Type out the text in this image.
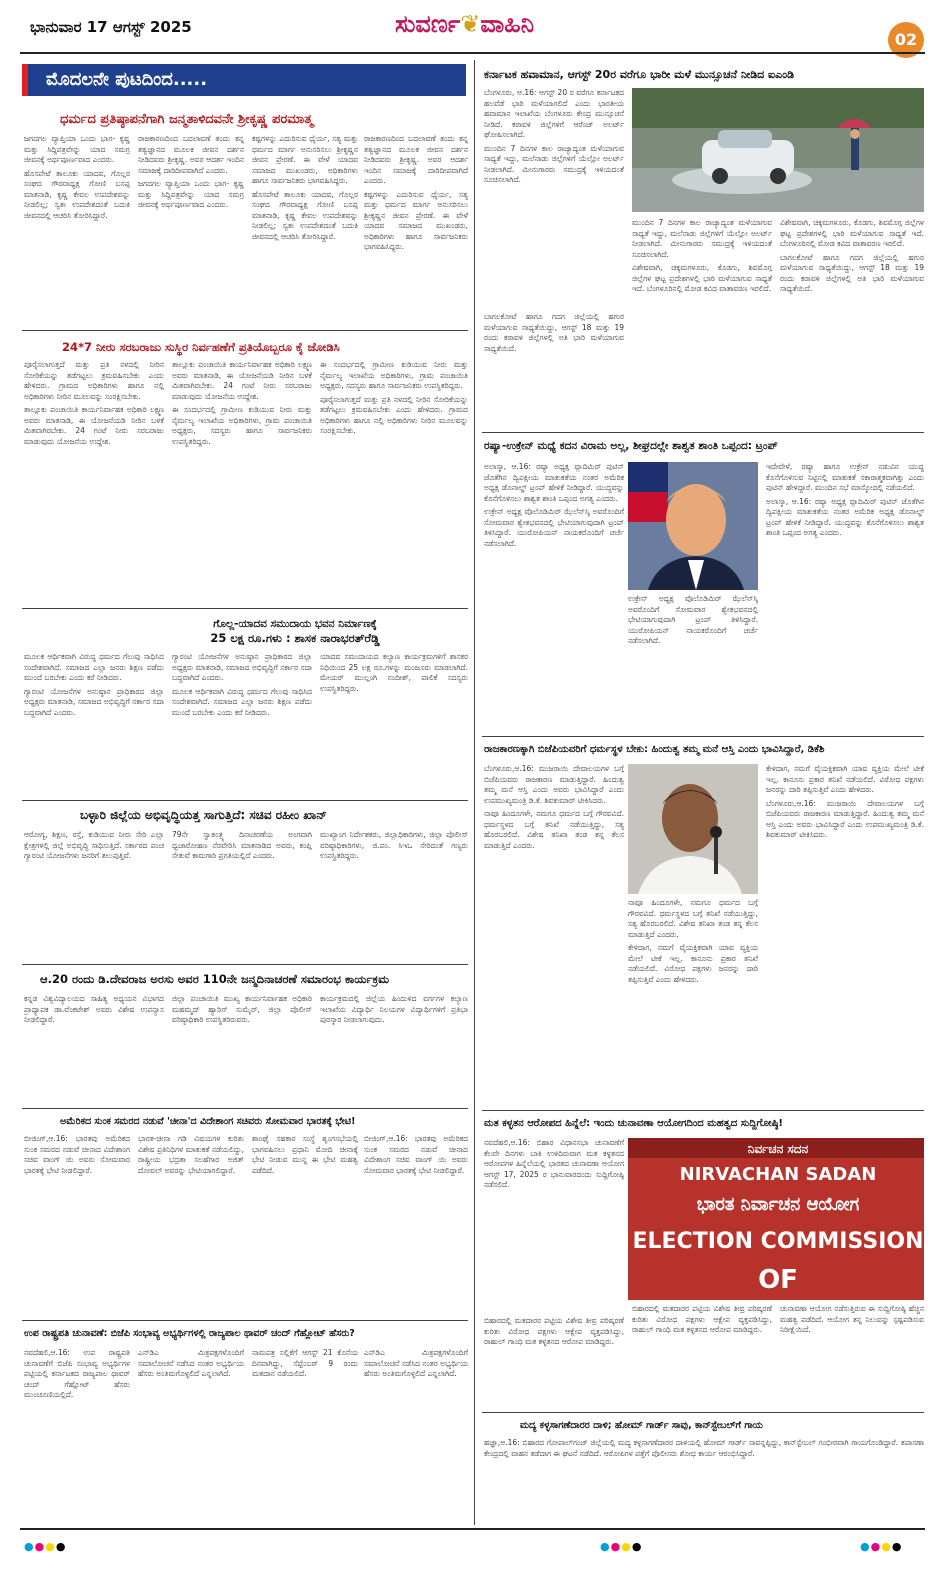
ಭಾನುವಾರ 17 ಆಗಸ್ಟ್ 2025	ಸುವರ್ಣ❦ವಾಹಿನಿ
02
ಮೊದಲನೇ ಪುಟದಿಂದ.....
ಧರ್ಮದ ಪ್ರತಿಷ್ಠಾಪನೆಗಾಗಿ ಜನ್ಮತಾಳಿದವನೇ ಶ್ರೀಕೃಷ್ಣ ಪರಮಾತ್ಮ

ಜಗದಗಲ ವ್ಯಾಪ್ತಿಯಾ ಒಂದು ಭಾಗ- ಕೃಷ್ಣ ಮತ್ತು ಸಿದ್ದಿಪತ್ರವೇನ್ನು ಯಾದ ಸಮಗ್ರ ಜೀವನಕ್ಕೆ ಅರ್ಥಪೂರ್ಣವಾದ ಎಂದರು.

ಹೊಸಪೇಟೆ ತಾಲೂಕು ಯಾದವ, ಗೊಲ್ಲರ ಸಂಘದ ಗೌರವಾಧ್ಯಕ್ಷ ಗೋಣಿ ಬಸಪ್ಪ ಮಾತನಾಡಿ, ಕೃಷ್ಣ ಕೇವಲ ಉಪದೇಶವನ್ನು ನೀಡಲಿಲ್ಲ; ಸ್ವತಃ ಉಪದೇಶದಂತೆ ಬದುಕಿ ಜೀವನದಲ್ಲಿ ಆಚರಿಸಿ ತೋರಿಸಿದ್ದಾರೆ.

ರಾಜಕಾರಣದಿಂದ ಬದಲಾವಣೆ ತಂದು ತನ್ನ ತತ್ವಜ್ಞಾನದ ಮೂಲಕ ಜೀವನ ದರ್ಶನ ನೀಡಿದವರು ಶ್ರೀಕೃಷ್ಣ. ಅವರ ಆದರ್ಶ ಇಂದಿನ ಸಮಾಜಕ್ಕೆ ದಾರಿದೀಪವಾಗಿದೆ ಎಂದರು.

ಜಗದಗಲ ವ್ಯಾಪ್ತಿಯಾ ಒಂದು ಭಾಗ- ಕೃಷ್ಣ ಮತ್ತು ಸಿದ್ದಿಪತ್ರವೇನ್ನು ಯಾದ ಸಮಗ್ರ ಜೀವನಕ್ಕೆ ಅರ್ಥಪೂರ್ಣವಾದ ಎಂದರು.

ಕಷ್ಟಗಳನ್ನು ಎದುರಿಸುವ ಧೈರ್ಯ, ಸತ್ಯ ಮತ್ತು ಧರ್ಮದ ಮಾರ್ಗ ಅನುಸರಿಸಲು ಶ್ರೀಕೃಷ್ಣನ ಜೀವನ ಪ್ರೇರಣೆ. ಈ ವೇಳೆ ಯಾದವ ಸಮಾಜದ ಮುಖಂಡರು, ಅಧಿಕಾರಿಗಳು ಹಾಗೂ ಸಾರ್ವಜನಿಕರು ಭಾಗವಹಿಸಿದ್ದರು.

ಹೊಸಪೇಟೆ ತಾಲೂಕು ಯಾದವ, ಗೊಲ್ಲರ ಸಂಘದ ಗೌರವಾಧ್ಯಕ್ಷ ಗೋಣಿ ಬಸಪ್ಪ ಮಾತನಾಡಿ, ಕೃಷ್ಣ ಕೇವಲ ಉಪದೇಶವನ್ನು ನೀಡಲಿಲ್ಲ; ಸ್ವತಃ ಉಪದೇಶದಂತೆ ಬದುಕಿ ಜೀವನದಲ್ಲಿ ಆಚರಿಸಿ ತೋರಿಸಿದ್ದಾರೆ.

ರಾಜಕಾರಣದಿಂದ ಬದಲಾವಣೆ ತಂದು ತನ್ನ ತತ್ವಜ್ಞಾನದ ಮೂಲಕ ಜೀವನ ದರ್ಶನ ನೀಡಿದವರು ಶ್ರೀಕೃಷ್ಣ. ಅವರ ಆದರ್ಶ ಇಂದಿನ ಸಮಾಜಕ್ಕೆ ದಾರಿದೀಪವಾಗಿದೆ ಎಂದರು.

ಕಷ್ಟಗಳನ್ನು ಎದುರಿಸುವ ಧೈರ್ಯ, ಸತ್ಯ ಮತ್ತು ಧರ್ಮದ ಮಾರ್ಗ ಅನುಸರಿಸಲು ಶ್ರೀಕೃಷ್ಣನ ಜೀವನ ಪ್ರೇರಣೆ. ಈ ವೇಳೆ ಯಾದವ ಸಮಾಜದ ಮುಖಂಡರು, ಅಧಿಕಾರಿಗಳು ಹಾಗೂ ಸಾರ್ವಜನಿಕರು ಭಾಗವಹಿಸಿದ್ದರು.

24*7 ನೀರು ಸರಬರಾಜು ಸುಸ್ಥಿರ ನಿರ್ವಹಣೆಗೆ ಪ್ರತಿಯೊಬ್ಬರೂ ಕೈ ಜೋಡಿಸಿ

ಪೂರೈಸಲಾಗುತ್ತದೆ ಮತ್ತು ಪ್ರತಿ ನಳದಲ್ಲಿ ನೀರಿನ ಸೋರಿಕೆಯನ್ನು ತಡೆಗಟ್ಟಲು ಕ್ರಮವಹಿಸಬೇಕು ಎಂದು ಹೇಳಿದರು. ಗ್ರಾಮದ ಅಧಿಕಾರಿಗಳು ಹಾಗೂ ನಲ್ಲಿ ಅಧಿಕಾರಿಗಳು ನೀರಿನ ಮೂಲವನ್ನು ಸಂರಕ್ಷಿಸಬೇಕು.

ತಾಲ್ಲೂಕು ಪಂಚಾಯಿತಿ ಕಾರ್ಯನಿರ್ವಾಹಕ ಅಧಿಕಾರಿ ಲಕ್ಷ್ಮಣ ಅವರು ಮಾತನಾಡಿ, ಈ ಯೋಜನೆಯಡಿ ನೀರಿನ ಬಳಕೆ ಮಿತವಾಗಿರಬೇಕು. 24 ಗಂಟೆ ನೀರು ಸರಬರಾಜು ಮಾಡುವುದು ಯೋಜನೆಯ ಉದ್ದೇಶ.

ತಾಲ್ಲೂಕು ಪಂಚಾಯಿತಿ ಕಾರ್ಯನಿರ್ವಾಹಕ ಅಧಿಕಾರಿ ಲಕ್ಷ್ಮಣ ಅವರು ಮಾತನಾಡಿ, ಈ ಯೋಜನೆಯಡಿ ನೀರಿನ ಬಳಕೆ ಮಿತವಾಗಿರಬೇಕು. 24 ಗಂಟೆ ನೀರು ಸರಬರಾಜು ಮಾಡುವುದು ಯೋಜನೆಯ ಉದ್ದೇಶ.

ಈ ಸಂದರ್ಭದಲ್ಲಿ ಗ್ರಾಮೀಣ ಕುಡಿಯುವ ನೀರು ಮತ್ತು ನೈರ್ಮಲ್ಯ ಇಲಾಖೆಯ ಅಧಿಕಾರಿಗಳು, ಗ್ರಾಮ ಪಂಚಾಯಿತಿ ಅಧ್ಯಕ್ಷರು, ಸದಸ್ಯರು ಹಾಗೂ ಸಾರ್ವಜನಿಕರು ಉಪಸ್ಥಿತರಿದ್ದರು.

ಈ ಸಂದರ್ಭದಲ್ಲಿ ಗ್ರಾಮೀಣ ಕುಡಿಯುವ ನೀರು ಮತ್ತು ನೈರ್ಮಲ್ಯ ಇಲಾಖೆಯ ಅಧಿಕಾರಿಗಳು, ಗ್ರಾಮ ಪಂಚಾಯಿತಿ ಅಧ್ಯಕ್ಷರು, ಸದಸ್ಯರು ಹಾಗೂ ಸಾರ್ವಜನಿಕರು ಉಪಸ್ಥಿತರಿದ್ದರು.

ಪೂರೈಸಲಾಗುತ್ತದೆ ಮತ್ತು ಪ್ರತಿ ನಳದಲ್ಲಿ ನೀರಿನ ಸೋರಿಕೆಯನ್ನು ತಡೆಗಟ್ಟಲು ಕ್ರಮವಹಿಸಬೇಕು ಎಂದು ಹೇಳಿದರು. ಗ್ರಾಮದ ಅಧಿಕಾರಿಗಳು ಹಾಗೂ ನಲ್ಲಿ ಅಧಿಕಾರಿಗಳು ನೀರಿನ ಮೂಲವನ್ನು ಸಂರಕ್ಷಿಸಬೇಕು.

ಗೊಲ್ಲ-ಯಾದವ ಸಮುದಾಯ ಭವನ ನಿರ್ಮಾಣಕ್ಕೆ
25 ಲಕ್ಷ ರೂ.ಗಳು : ಶಾಸಕ ನಾರಾಭರತ್‌ರೆಡ್ಡಿ

ಮೂಲಕ ಆರ್ಥಿಕವಾಗಿ ವಿರುದ್ಧ ಧರ್ಮದ ಗೆಲುವು ಸಾಧಿಸಿದ ಸಂದೇಶವಾಗಿದೆ. ಸಮಾಜದ ಎಲ್ಲಾ ಜನರು ಶಿಕ್ಷಣ ಪಡೆದು ಮುಂದೆ ಬರಬೇಕು ಎಂದು ಕರೆ ನೀಡಿದರು.

ಗ್ಯಾರಂಟಿ ಯೋಜನೆಗಳ ಅನುಷ್ಠಾನ ಪ್ರಾಧಿಕಾರದ ಜಿಲ್ಲಾ ಅಧ್ಯಕ್ಷರು ಮಾತನಾಡಿ, ಸಮಾಜದ ಅಭಿವೃದ್ಧಿಗೆ ಸರ್ಕಾರ ಸದಾ ಬದ್ಧವಾಗಿದೆ ಎಂದರು.

ಗ್ಯಾರಂಟಿ ಯೋಜನೆಗಳ ಅನುಷ್ಠಾನ ಪ್ರಾಧಿಕಾರದ ಜಿಲ್ಲಾ ಅಧ್ಯಕ್ಷರು ಮಾತನಾಡಿ, ಸಮಾಜದ ಅಭಿವೃದ್ಧಿಗೆ ಸರ್ಕಾರ ಸದಾ ಬದ್ಧವಾಗಿದೆ ಎಂದರು.

ಮೂಲಕ ಆರ್ಥಿಕವಾಗಿ ವಿರುದ್ಧ ಧರ್ಮದ ಗೆಲುವು ಸಾಧಿಸಿದ ಸಂದೇಶವಾಗಿದೆ. ಸಮಾಜದ ಎಲ್ಲಾ ಜನರು ಶಿಕ್ಷಣ ಪಡೆದು ಮುಂದೆ ಬರಬೇಕು ಎಂದು ಕರೆ ನೀಡಿದರು.

ಯಾದವ ಸಮುದಾಯದ ಕಲ್ಯಾಣ ಕಾರ್ಯಕ್ರಮಗಳಿಗೆ ಶಾಸಕರ ನಿಧಿಯಿಂದ 25 ಲಕ್ಷ ರೂ.ಗಳನ್ನು ಮಂಜೂರು ಮಾಡಲಾಗಿದೆ. ಮೇಯರ್ ಮುಲ್ಲಂಗಿ ನಂದೀಶ್, ಪಾಲಿಕೆ ಸದಸ್ಯರು ಉಪಸ್ಥಿತರಿದ್ದರು.

ಬಳ್ಳಾರಿ ಜಿಲ್ಲೆಯ ಅಭಿವೃದ್ಧಿಯತ್ತ ಸಾಗುತ್ತಿದೆ: ಸಚಿವ ರಹೀಂ ಖಾನ್

ಆರೋಗ್ಯ, ಶಿಕ್ಷಣ, ರಸ್ತೆ, ಕುಡಿಯುವ ನೀರು ಸೇರಿ ಎಲ್ಲಾ ಕ್ಷೇತ್ರಗಳಲ್ಲಿ ಜಿಲ್ಲೆ ಅಭಿವೃದ್ಧಿ ಸಾಧಿಸುತ್ತಿದೆ. ಸರ್ಕಾರದ ಪಂಚ ಗ್ಯಾರಂಟಿ ಯೋಜನೆಗಳು ಜನರಿಗೆ ತಲುಪುತ್ತಿವೆ.

79ನೇ ಸ್ವಾತಂತ್ರ್ಯ ದಿನಾಚರಣೆಯ ಅಂಗವಾಗಿ ಧ್ವಜಾರೋಹಣ ನೆರವೇರಿಸಿ ಮಾತನಾಡಿದ ಅವರು, ಕಂಪ್ಲಿ ಸೇತುವೆ ಕಾಮಗಾರಿ ಪ್ರಗತಿಯಲ್ಲಿದೆ ಎಂದರು.

ಮುಖ್ಯಾಂಗ ನಿರ್ದೇಶಕರು, ಜಿಲ್ಲಾಧಿಕಾರಿಗಳು, ಜಿಲ್ಲಾ ಪೊಲೀಸ್ ವರಿಷ್ಠಾಧಿಕಾರಿಗಳು, ಜಿ.ಪಂ. ಸಿಇಒ ಸೇರಿದಂತೆ ಗಣ್ಯರು ಉಪಸ್ಥಿತರಿದ್ದರು.

ಆ.20 ರಂದು ಡಿ.ದೇವರಾಜ ಅರಸು ಅವರ 110ನೇ ಜನ್ಮದಿನಾಚರಣೆ ಸಮಾರಂಭ ಕಾರ್ಯಕ್ರಮ

ಕನ್ನಡ ವಿಶ್ವವಿದ್ಯಾಲಯದ ಸಾಹಿತ್ಯ ಅಧ್ಯಯನ ವಿಭಾಗದ ಪ್ರಾಧ್ಯಾಪಕ ಡಾ.ವೆಂಕಟೇಶ್ ಅವರು ವಿಶೇಷ ಉಪನ್ಯಾಸ ನೀಡಲಿದ್ದಾರೆ.

ಜಿಲ್ಲಾ ಪಂಚಾಯಿತಿ ಮುಖ್ಯ ಕಾರ್ಯನಿರ್ವಾಹಕ ಅಧಿಕಾರಿ ಮಹಮ್ಮದ್ ಹ್ಯಾರಿಸ್ ಸುಮೈರ್, ಜಿಲ್ಲಾ ಪೊಲೀಸ್ ವರಿಷ್ಠಾಧಿಕಾರಿ ಉಪಸ್ಥಿತರಿರುವರು.

ಕಾರ್ಯಕ್ರಮದಲ್ಲಿ ಜಿಲ್ಲೆಯ ಹಿಂದುಳಿದ ವರ್ಗಗಳ ಕಲ್ಯಾಣ ಇಲಾಖೆಯ ವಿದ್ಯಾರ್ಥಿ ನಿಲಯಗಳ ವಿದ್ಯಾರ್ಥಿಗಳಿಗೆ ಪ್ರತಿಭಾ ಪುರಸ್ಕಾರ ನೀಡಲಾಗುವುದು.

ಅಮೆರಿಕದ ಸುಂಕ ಸಮರದ ನಡುವೆ 'ಚೀನಾ'ದ ವಿದೇಶಾಂಗ ಸಚಿವರು ಸೋಮವಾರ ಭಾರತಕ್ಕೆ ಭೇಟಿ!

ಬೀಜಿಂಗ್,ಆ.16: ಭಾರತವು ಅಮೆರಿಕದ ಸುಂಕ ಸಮರದ ನಡುವೆ ಚೀನಾದ ವಿದೇಶಾಂಗ ಸಚಿವ ವಾಂಗ್ ಯಿ ಅವರು ಸೋಮವಾರ ಭಾರತಕ್ಕೆ ಭೇಟಿ ನೀಡಲಿದ್ದಾರೆ.

ಭಾರತ-ಚೀನಾ ಗಡಿ ವಿಷಯಗಳ ಕುರಿತು ವಿಶೇಷ ಪ್ರತಿನಿಧಿಗಳ ಮಾತುಕತೆ ನಡೆಯಲಿದ್ದು, ರಾಷ್ಟ್ರೀಯ ಭದ್ರತಾ ಸಲಹೆಗಾರ ಅಜಿತ್ ದೋವಲ್ ಅವರನ್ನು ಭೇಟಿಯಾಗಲಿದ್ದಾರೆ.

ಶಾಂಘೈ ಸಹಕಾರ ಸಂಸ್ಥೆ ಶೃಂಗಸಭೆಯಲ್ಲಿ ಭಾಗವಹಿಸಲು ಪ್ರಧಾನಿ ಮೋದಿ ಚೀನಾಕ್ಕೆ ಭೇಟಿ ನೀಡುವ ಮುನ್ನ ಈ ಭೇಟಿ ಮಹತ್ವ ಪಡೆದಿದೆ.

ಬೀಜಿಂಗ್,ಆ.16: ಭಾರತವು ಅಮೆರಿಕದ ಸುಂಕ ಸಮರದ ನಡುವೆ ಚೀನಾದ ವಿದೇಶಾಂಗ ಸಚಿವ ವಾಂಗ್ ಯಿ ಅವರು ಸೋಮವಾರ ಭಾರತಕ್ಕೆ ಭೇಟಿ ನೀಡಲಿದ್ದಾರೆ.

ಉಪ ರಾಷ್ಟ್ರಪತಿ ಚುನಾವಣೆ: ಬಿಜೆಪಿ ಸಂಭಾವ್ಯ ಅಭ್ಯರ್ಥಿಗಳಲ್ಲಿ ರಾಜ್ಯಪಾಲ ಥಾವರ್ ಚಂದ್ ಗೆಹ್ಲೋಟ್ ಹೆಸರು?

ನವದೆಹಲಿ,ಆ.16: ಉಪ ರಾಷ್ಟ್ರಪತಿ ಚುನಾವಣೆಗೆ ಬಿಜೆಪಿ ಸಂಭಾವ್ಯ ಅಭ್ಯರ್ಥಿಗಳ ಪಟ್ಟಿಯಲ್ಲಿ ಕರ್ನಾಟಕದ ರಾಜ್ಯಪಾಲ ಥಾವರ್ ಚಂದ್ ಗೆಹ್ಲೋಟ್ ಹೆಸರು ಮುಂಚೂಣಿಯಲ್ಲಿದೆ.

ಎನ್‌ಡಿಎ ಮಿತ್ರಪಕ್ಷಗಳೊಂದಿಗೆ ಸಮಾಲೋಚನೆ ನಡೆಸಿದ ನಂತರ ಅಭ್ಯರ್ಥಿಯ ಹೆಸರು ಅಂತಿಮಗೊಳ್ಳಲಿದೆ ಎನ್ನಲಾಗಿದೆ.

ನಾಮಪತ್ರ ಸಲ್ಲಿಕೆಗೆ ಆಗಸ್ಟ್ 21 ಕೊನೆಯ ದಿನವಾಗಿದ್ದು, ಸೆಪ್ಟೆಂಬರ್ 9 ರಂದು ಮತದಾನ ನಡೆಯಲಿದೆ.

ಎನ್‌ಡಿಎ ಮಿತ್ರಪಕ್ಷಗಳೊಂದಿಗೆ ಸಮಾಲೋಚನೆ ನಡೆಸಿದ ನಂತರ ಅಭ್ಯರ್ಥಿಯ ಹೆಸರು ಅಂತಿಮಗೊಳ್ಳಲಿದೆ ಎನ್ನಲಾಗಿದೆ.

ಕರ್ನಾಟಕ ಹವಾಮಾನ, ಆಗಸ್ಟ್ 20ರ ವರೆಗೂ ಭಾರೀ ಮಳೆ ಮುನ್ಸೂಚನೆ ನೀಡಿದ ಐಎಂಡಿ

ಬೆಂಗಳೂರು, ಆ.16: ಆಗಸ್ಟ್ 20 ರ ವರೆಗೂ ಕರ್ನಾಟಕದ ಹಲವೆಡೆ ಭಾರಿ ಮಳೆಯಾಗಲಿದೆ ಎಂದು ಭಾರತೀಯ ಹವಾಮಾನ ಇಲಾಖೆಯ ಬೆಂಗಳೂರು ಕೇಂದ್ರ ಮುನ್ಸೂಚನೆ ನೀಡಿದೆ. ಕರಾವಳಿ ಜಿಲ್ಲೆಗಳಿಗೆ ಆರೆಂಜ್ ಅಲರ್ಟ್ ಘೋಷಿಸಲಾಗಿದೆ.

ಮುಂದಿನ 7 ದಿನಗಳ ಕಾಲ ರಾಜ್ಯಾದ್ಯಂತ ಮಳೆಯಾಗುವ ಸಾಧ್ಯತೆ ಇದ್ದು, ಮಲೆನಾಡು ಜಿಲ್ಲೆಗಳಿಗೆ ಯೆಲ್ಲೋ ಅಲರ್ಟ್ ನೀಡಲಾಗಿದೆ. ಮೀನುಗಾರರು ಸಮುದ್ರಕ್ಕೆ ಇಳಿಯದಂತೆ ಸೂಚಿಸಲಾಗಿದೆ.

ಮುಂದಿನ 7 ದಿನಗಳ ಕಾಲ ರಾಜ್ಯಾದ್ಯಂತ ಮಳೆಯಾಗುವ ಸಾಧ್ಯತೆ ಇದ್ದು, ಮಲೆನಾಡು ಜಿಲ್ಲೆಗಳಿಗೆ ಯೆಲ್ಲೋ ಅಲರ್ಟ್ ನೀಡಲಾಗಿದೆ. ಮೀನುಗಾರರು ಸಮುದ್ರಕ್ಕೆ ಇಳಿಯದಂತೆ ಸೂಚಿಸಲಾಗಿದೆ.

ವಿಶೇಷವಾಗಿ, ಚಿಕ್ಕಮಗಳೂರು, ಕೊಡಗು, ಶಿವಮೊಗ್ಗ ಜಿಲ್ಲೆಗಳ ಘಟ್ಟ ಪ್ರದೇಶಗಳಲ್ಲಿ ಭಾರಿ ಮಳೆಯಾಗುವ ಸಾಧ್ಯತೆ ಇದೆ. ಬೆಂಗಳೂರಿನಲ್ಲಿ ಮೋಡ ಕವಿದ ವಾತಾವರಣ ಇರಲಿದೆ.

ವಿಶೇಷವಾಗಿ, ಚಿಕ್ಕಮಗಳೂರು, ಕೊಡಗು, ಶಿವಮೊಗ್ಗ ಜಿಲ್ಲೆಗಳ ಘಟ್ಟ ಪ್ರದೇಶಗಳಲ್ಲಿ ಭಾರಿ ಮಳೆಯಾಗುವ ಸಾಧ್ಯತೆ ಇದೆ. ಬೆಂಗಳೂರಿನಲ್ಲಿ ಮೋಡ ಕವಿದ ವಾತಾವರಣ ಇರಲಿದೆ.

ಬಾಗಲಕೋಟೆ ಹಾಗೂ ಗದಗ ಜಿಲ್ಲೆಯಲ್ಲಿ ಹಗುರ ಮಳೆಯಾಗುವ ಸಾಧ್ಯತೆಯಿದ್ದು, ಆಗಸ್ಟ್ 18 ಮತ್ತು 19 ರಂದು ಕರಾವಳಿ ಜಿಲ್ಲೆಗಳಲ್ಲಿ ಅತಿ ಭಾರಿ ಮಳೆಯಾಗುವ ಸಾಧ್ಯತೆಯಿದೆ.

ಬಾಗಲಕೋಟೆ ಹಾಗೂ ಗದಗ ಜಿಲ್ಲೆಯಲ್ಲಿ ಹಗುರ ಮಳೆಯಾಗುವ ಸಾಧ್ಯತೆಯಿದ್ದು, ಆಗಸ್ಟ್ 18 ಮತ್ತು 19 ರಂದು ಕರಾವಳಿ ಜಿಲ್ಲೆಗಳಲ್ಲಿ ಅತಿ ಭಾರಿ ಮಳೆಯಾಗುವ ಸಾಧ್ಯತೆಯಿದೆ.

ರಷ್ಯಾ-ಉಕ್ರೇನ್ ಮಧ್ಯೆ ಕದನ ವಿರಾಮ ಅಲ್ಲ, ಶೀಘ್ರದಲ್ಲೇ ಶಾಶ್ವತ ಶಾಂತಿ ಒಪ್ಪಂದ: ಟ್ರಂಪ್

ಅಲಾಸ್ಕಾ, ಆ.16: ರಷ್ಯಾ ಅಧ್ಯಕ್ಷ ವ್ಲಾದಿಮಿರ್ ಪುಟಿನ್ ಜೊತೆಗಿನ ದ್ವಿಪಕ್ಷೀಯ ಮಾತುಕತೆಯ ನಂತರ ಅಮೆರಿಕ ಅಧ್ಯಕ್ಷ ಡೊನಾಲ್ಡ್ ಟ್ರಂಪ್ ಹೇಳಿಕೆ ನೀಡಿದ್ದಾರೆ. ಯುದ್ಧವನ್ನು ಕೊನೆಗೊಳಿಸಲು ಶಾಶ್ವತ ಶಾಂತಿ ಒಪ್ಪಂದ ಅಗತ್ಯ ಎಂದರು.

ಉಕ್ರೇನ್ ಅಧ್ಯಕ್ಷ ವೊಲೊಡಿಮಿರ್ ಝೆಲೆನ್‌ಸ್ಕಿ ಅವರೊಂದಿಗೆ ಸೋಮವಾರ ಶ್ವೇತಭವನದಲ್ಲಿ ಭೇಟಿಯಾಗುವುದಾಗಿ ಟ್ರಂಪ್ ತಿಳಿಸಿದ್ದಾರೆ. ಯುರೋಪಿಯನ್ ನಾಯಕರೊಂದಿಗೆ ಚರ್ಚೆ ನಡೆಸಲಾಗಿದೆ.

ಉಕ್ರೇನ್ ಅಧ್ಯಕ್ಷ ವೊಲೊಡಿಮಿರ್ ಝೆಲೆನ್‌ಸ್ಕಿ ಅವರೊಂದಿಗೆ ಸೋಮವಾರ ಶ್ವೇತಭವನದಲ್ಲಿ ಭೇಟಿಯಾಗುವುದಾಗಿ ಟ್ರಂಪ್ ತಿಳಿಸಿದ್ದಾರೆ. ಯುರೋಪಿಯನ್ ನಾಯಕರೊಂದಿಗೆ ಚರ್ಚೆ ನಡೆಸಲಾಗಿದೆ.

ಇದೇವೇಳೆ, ರಷ್ಯಾ ಹಾಗೂ ಉಕ್ರೇನ್ ನಡುವಿನ ಯುದ್ಧ ಕೊನೆಗೊಳಿಸುವ ನಿಟ್ಟಿನಲ್ಲಿ ಮಾತುಕತೆ ಸಕಾರಾತ್ಮಕವಾಗಿತ್ತು ಎಂದು ಪುಟಿನ್ ಹೇಳಿದ್ದಾರೆ. ಮುಂದಿನ ಸಭೆ ಮಾಸ್ಕೋದಲ್ಲಿ ನಡೆಯಲಿದೆ.

ಅಲಾಸ್ಕಾ, ಆ.16: ರಷ್ಯಾ ಅಧ್ಯಕ್ಷ ವ್ಲಾದಿಮಿರ್ ಪುಟಿನ್ ಜೊತೆಗಿನ ದ್ವಿಪಕ್ಷೀಯ ಮಾತುಕತೆಯ ನಂತರ ಅಮೆರಿಕ ಅಧ್ಯಕ್ಷ ಡೊನಾಲ್ಡ್ ಟ್ರಂಪ್ ಹೇಳಿಕೆ ನೀಡಿದ್ದಾರೆ. ಯುದ್ಧವನ್ನು ಕೊನೆಗೊಳಿಸಲು ಶಾಶ್ವತ ಶಾಂತಿ ಒಪ್ಪಂದ ಅಗತ್ಯ ಎಂದರು.

ರಾಜಕಾರಣಕ್ಕಾಗಿ ಬಿಜೆಪಿಯವರಿಗೆ ಧರ್ಮಸ್ಥಳ ಬೇಕು: ಹಿಂದುತ್ವ ತಮ್ಮ ಮನೆ ಆಸ್ತಿ ಎಂದು ಭಾವಿಸಿದ್ದಾರೆ, ಡಿಕೆಶಿ

ಬೆಂಗಳೂರು,ಆ.16: ಮುಜರಾಯಿ ದೇವಾಲಯಗಳ ಬಗ್ಗೆ ಬಿಜೆಪಿಯವರು ರಾಜಕಾರಣ ಮಾಡುತ್ತಿದ್ದಾರೆ. ಹಿಂದುತ್ವ ತಮ್ಮ ಮನೆ ಆಸ್ತಿ ಎಂದು ಅವರು ಭಾವಿಸಿದ್ದಾರೆ ಎಂದು ಉಪಮುಖ್ಯಮಂತ್ರಿ ಡಿ.ಕೆ. ಶಿವಕುಮಾರ್ ಟೀಕಿಸಿದರು.

ನಾವೂ ಹಿಂದೂಗಳೇ, ನಮಗೂ ಧರ್ಮದ ಬಗ್ಗೆ ಗೌರವವಿದೆ. ಧರ್ಮಸ್ಥಳದ ಬಗ್ಗೆ ತನಿಖೆ ನಡೆಯುತ್ತಿದ್ದು, ಸತ್ಯ ಹೊರಬರಲಿದೆ. ವಿಶೇಷ ತನಿಖಾ ತಂಡ ತನ್ನ ಕೆಲಸ ಮಾಡುತ್ತಿದೆ ಎಂದರು.

ನಾವೂ ಹಿಂದೂಗಳೇ, ನಮಗೂ ಧರ್ಮದ ಬಗ್ಗೆ ಗೌರವವಿದೆ. ಧರ್ಮಸ್ಥಳದ ಬಗ್ಗೆ ತನಿಖೆ ನಡೆಯುತ್ತಿದ್ದು, ಸತ್ಯ ಹೊರಬರಲಿದೆ. ವಿಶೇಷ ತನಿಖಾ ತಂಡ ತನ್ನ ಕೆಲಸ ಮಾಡುತ್ತಿದೆ ಎಂದರು.

ಕೇಳಿದಾಗ, ನಮಗೆ ವೈಯಕ್ತಿಕವಾಗಿ ಯಾವ ವ್ಯಕ್ತಿಯ ಮೇಲೆ ಟೀಕೆ ಇಲ್ಲ. ಕಾನೂನು ಪ್ರಕಾರ ತನಿಖೆ ನಡೆಯಲಿದೆ. ವಿರೋಧ ಪಕ್ಷಗಳು ಜನರನ್ನು ದಾರಿ ತಪ್ಪಿಸುತ್ತಿವೆ ಎಂದು ಹೇಳಿದರು.

ಕೇಳಿದಾಗ, ನಮಗೆ ವೈಯಕ್ತಿಕವಾಗಿ ಯಾವ ವ್ಯಕ್ತಿಯ ಮೇಲೆ ಟೀಕೆ ಇಲ್ಲ. ಕಾನೂನು ಪ್ರಕಾರ ತನಿಖೆ ನಡೆಯಲಿದೆ. ವಿರೋಧ ಪಕ್ಷಗಳು ಜನರನ್ನು ದಾರಿ ತಪ್ಪಿಸುತ್ತಿವೆ ಎಂದು ಹೇಳಿದರು.

ಬೆಂಗಳೂರು,ಆ.16: ಮುಜರಾಯಿ ದೇವಾಲಯಗಳ ಬಗ್ಗೆ ಬಿಜೆಪಿಯವರು ರಾಜಕಾರಣ ಮಾಡುತ್ತಿದ್ದಾರೆ. ಹಿಂದುತ್ವ ತಮ್ಮ ಮನೆ ಆಸ್ತಿ ಎಂದು ಅವರು ಭಾವಿಸಿದ್ದಾರೆ ಎಂದು ಉಪಮುಖ್ಯಮಂತ್ರಿ ಡಿ.ಕೆ. ಶಿವಕುಮಾರ್ ಟೀಕಿಸಿದರು.

ಮತ ಕಳ್ಳತನ ಆರೋಪದ ಹಿನ್ನೆಲೆ: ಇಂದು ಚುನಾವಣಾ ಆಯೋಗದಿಂದ ಮಹತ್ವದ ಸುದ್ದಿಗೋಷ್ಠಿ!

ನವದೆಹಲಿ,ಆ.16: ಬಿಹಾರ ವಿಧಾನಸಭಾ ಚುನಾವಣೆಗೆ ಕೆಲವೇ ದಿನಗಳು ಬಾಕಿ ಉಳಿದಿರುವಾಗ ಮತ ಕಳ್ಳತನದ ಆರೋಪಗಳ ಹಿನ್ನೆಲೆಯಲ್ಲಿ ಭಾರತದ ಚುನಾವಣಾ ಆಯೋಗ ಆಗಸ್ಟ್ 17, 2025 ರ ಭಾನುವಾರದಂದು ಸುದ್ದಿಗೋಷ್ಠಿ ನಡೆಸಲಿದೆ.

ನಿರ್ವಚನ ಸದನ
NIRVACHAN SADAN
ಭಾರತ ನಿರ್ವಾಚನ ಆಯೋಗ
ELECTION COMMISSION
OF

ಬಿಹಾರದಲ್ಲಿ ಮತದಾರರ ಪಟ್ಟಿಯ ವಿಶೇಷ ತೀವ್ರ ಪರಿಷ್ಕರಣೆ ಕುರಿತು ವಿರೋಧ ಪಕ್ಷಗಳು ಆಕ್ಷೇಪ ವ್ಯಕ್ತಪಡಿಸಿದ್ದು, ರಾಹುಲ್ ಗಾಂಧಿ ಮತ ಕಳ್ಳತನದ ಆರೋಪ ಮಾಡಿದ್ದರು.

ಬಿಹಾರದಲ್ಲಿ ಮತದಾರರ ಪಟ್ಟಿಯ ವಿಶೇಷ ತೀವ್ರ ಪರಿಷ್ಕರಣೆ ಕುರಿತು ವಿರೋಧ ಪಕ್ಷಗಳು ಆಕ್ಷೇಪ ವ್ಯಕ್ತಪಡಿಸಿದ್ದು, ರಾಹುಲ್ ಗಾಂಧಿ ಮತ ಕಳ್ಳತನದ ಆರೋಪ ಮಾಡಿದ್ದರು.

ಚುನಾವಣಾ ಆಯೋಗ ನಡೆಸುತ್ತಿರುವ ಈ ಸುದ್ದಿಗೋಷ್ಠಿ ಹೆಚ್ಚಿನ ಮಹತ್ವ ಪಡೆದಿದೆ. ಆಯೋಗ ತನ್ನ ನಿಲುವನ್ನು ಸ್ಪಷ್ಟಪಡಿಸುವ ನಿರೀಕ್ಷೆಯಿದೆ.

ಮದ್ಯ ಕಳ್ಳಸಾಗಣೆದಾರರ ದಾಳಿ; ಹೋಮ್ ಗಾರ್ಡ್ ಸಾವು, ಕಾನ್‌ಸ್ಟೇಬಲ್‌ಗೆ ಗಾಯ

ಹಜ್ಞಾ,ಆ.16: ಬಿಹಾರದ ಗೋಪಾಲ್‌ಗಂಜ್ ಜಿಲ್ಲೆಯಲ್ಲಿ ಮದ್ಯ ಕಳ್ಳಸಾಗಣೆದಾರರ ದಾಳಿಯಲ್ಲಿ ಹೋಮ್ ಗಾರ್ಡ್ ಸಾವನ್ನಪ್ಪಿದ್ದು, ಕಾನ್‌ಸ್ಟೇಬಲ್ ಗಂಭೀರವಾಗಿ ಗಾಯಗೊಂಡಿದ್ದಾರೆ. ತಪಾಸಣಾ ಕೇಂದ್ರದಲ್ಲಿ ವಾಹನ ತಡೆದಾಗ ಈ ಘಟನೆ ನಡೆದಿದೆ. ಆರೋಪಿಗಳ ಪತ್ತೆಗೆ ಪೊಲೀಸರು ಶೋಧ ಕಾರ್ಯ ಆರಂಭಿಸಿದ್ದಾರೆ.

●●●●	●●●●	●●●●
